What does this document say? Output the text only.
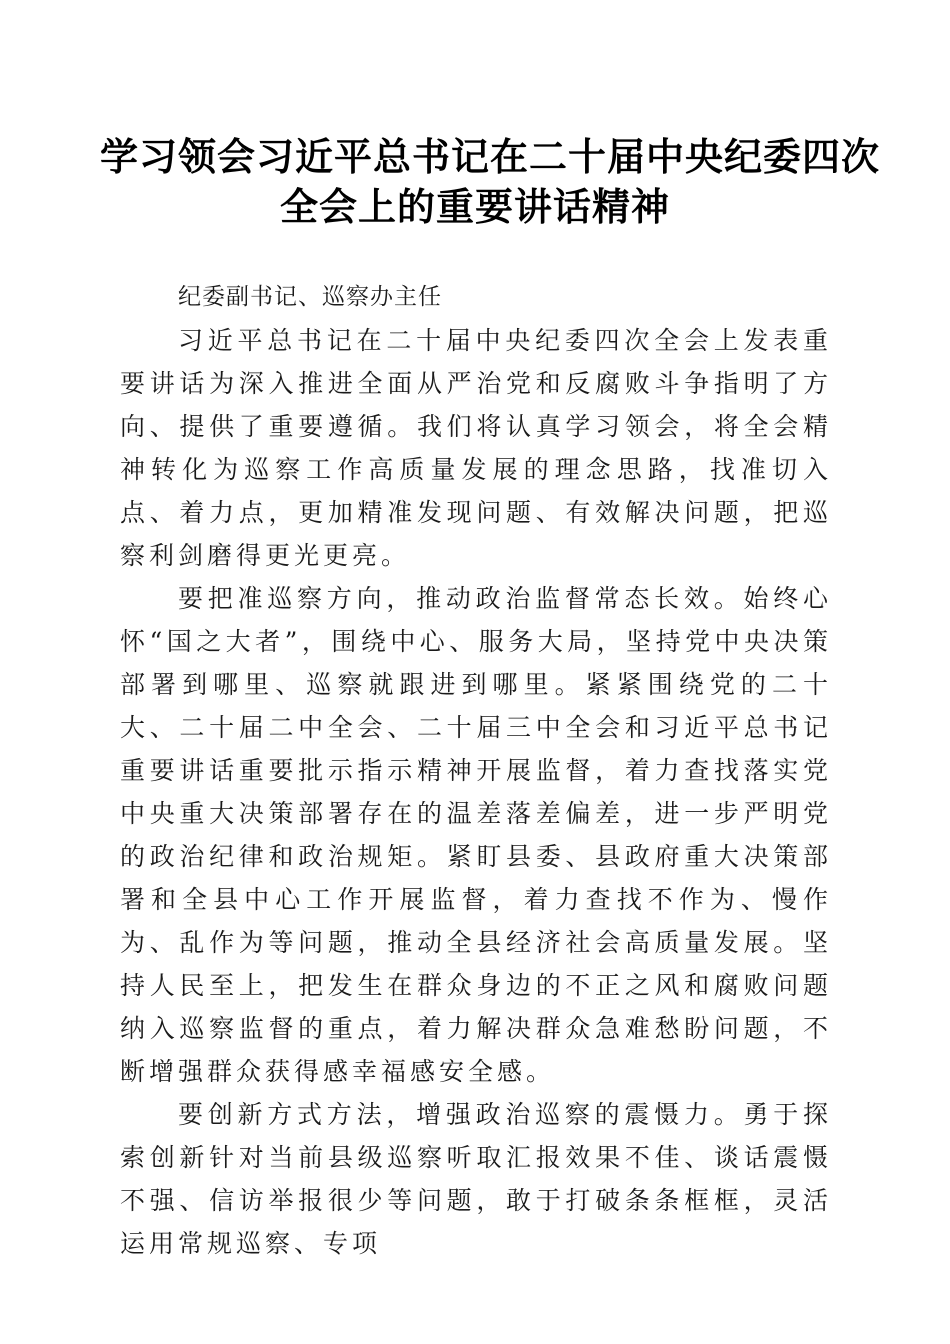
学习领会习近平总书记在二十届中央纪委四次
全会上的重要讲话精神
纪委副书记、巡察办主任

习近平总书记在二十届中央纪委四次全会上发表重要讲话为深入推进全面从严治党和反腐败斗争指明了方向、提供了重要遵循。我们将认真学习领会，将全会精神转化为巡察工作高质量发展的理念思路，找准切入点、着力点，更加精准发现问题、有效解决问题，把巡察利剑磨得更光更亮。

要把准巡察方向，推动政治监督常态长效。始终心怀“国之大者”，围绕中心、服务大局，坚持党中央决策部署到哪里、巡察就跟进到哪里。紧紧围绕党的二十大、二十届二中全会、二十届三中全会和习近平总书记重要讲话重要批示指示精神开展监督，着力查找落实党中央重大决策部署存在的温差落差偏差，进一步严明党的政治纪律和政治规矩。紧盯县委、县政府重大决策部署和全县中心工作开展监督，着力查找不作为、慢作为、乱作为等问题，推动全县经济社会高质量发展。坚持人民至上，把发生在群众身边的不正之风和腐败问题纳入巡察监督的重点，着力解决群众急难愁盼问题，不断增强群众获得感幸福感安全感。

要创新方式方法，增强政治巡察的震慑力。勇于探索创新针对当前县级巡察听取汇报效果不佳、谈话震慑不强、信访举报很少等问题，敢于打破条条框框，灵活运用常规巡察、专项
